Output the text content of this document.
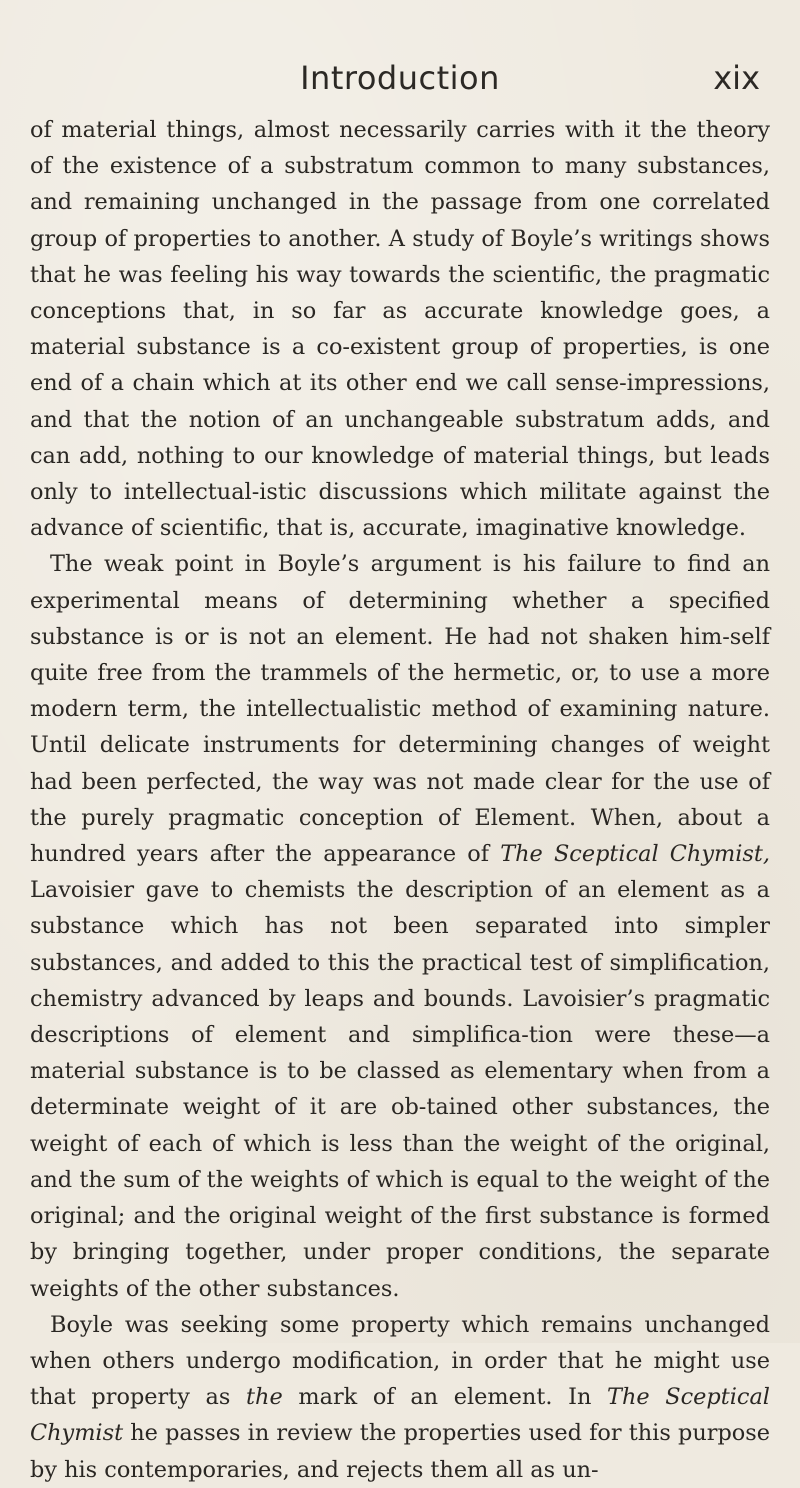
Introduction	xix

of material things, almost necessarily carries with it the theory of the existence of a substratum common to many substances, and remaining unchanged in the passage from one correlated group of properties to another. A study of Boyle’s writings shows that he was feeling his way towards the scientific, the pragmatic conceptions that, in so far as accurate knowledge goes, a material substance is a co-existent group of properties, is one end of a chain which at its other end we call sense-impressions, and that the notion of an unchangeable substratum adds, and can add, nothing to our knowledge of material things, but leads only to intellectual-istic discussions which militate against the advance of scientific, that is, accurate, imaginative knowledge.

The weak point in Boyle’s argument is his failure to find an experimental means of determining whether a specified substance is or is not an element. He had not shaken him-self quite free from the trammels of the hermetic, or, to use a more modern term, the intellectualistic method of examining nature. Until delicate instruments for determining changes of weight had been perfected, the way was not made clear for the use of the purely pragmatic conception of Element. When, about a hundred years after the appearance of The Sceptical Chymist, Lavoisier gave to chemists the description of an element as a substance which has not been separated into simpler substances, and added to this the practical test of simplification, chemistry advanced by leaps and bounds. Lavoisier’s pragmatic descriptions of element and simplifica-tion were these—a material substance is to be classed as elementary when from a determinate weight of it are ob-tained other substances, the weight of each of which is less than the weight of the original, and the sum of the weights of which is equal to the weight of the original; and the original weight of the first substance is formed by bringing together, under proper conditions, the separate weights of the other substances.

Boyle was seeking some property which remains unchanged when others undergo modification, in order that he might use that property as the mark of an element. In The Sceptical Chymist he passes in review the properties used for this purpose by his contemporaries, and rejects them all as un-
